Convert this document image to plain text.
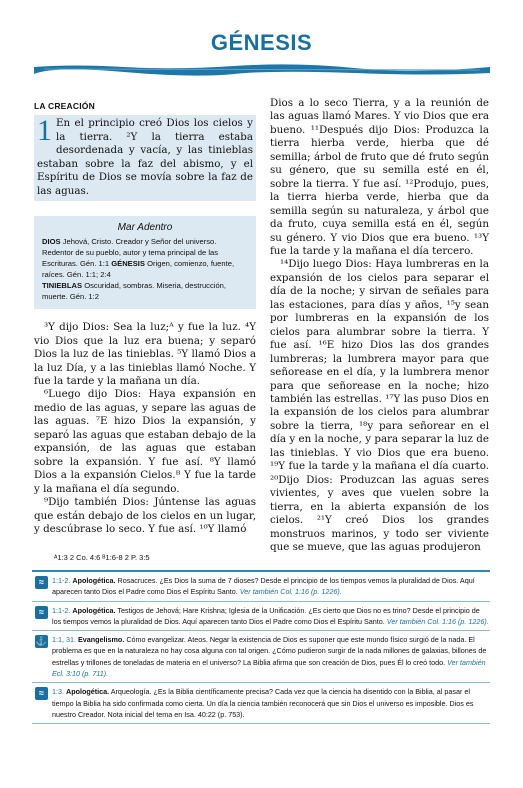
GÉNESIS
LA CREACIÓN
1 En el principio creó Dios los cielos y la tierra. ²Y la tierra estaba desordenada y vacía, y las tinieblas estaban sobre la faz del abismo, y el Espíritu de Dios se movía sobre la faz de las aguas.
Mar Adentro
DIOS Jehová, Cristo. Creador y Señor del universo. Redentor de su pueblo, autor y tema principal de las Escrituras. Gén. 1:1 GÉNESIS Origen, comienzo, fuente, raíces. Gén. 1:1; 2:4
TINIEBLAS Oscuridad, sombras. Miseria, destrucción, muerte. Gén. 1:2

³Y dijo Dios: Sea la luz;ᴬ y fue la luz. ⁴Y vio Dios que la luz era buena; y separó Dios la luz de las tinieblas. ⁵Y llamó Dios a la luz Día, y a las tinieblas llamó Noche. Y fue la tarde y la mañana un día.

⁶Luego dijo Dios: Haya expansión en medio de las aguas, y separe las aguas de las aguas. ⁷E hizo Dios la expansión, y separó las aguas que estaban debajo de la expansión, de las aguas que estaban sobre la expansión. Y fue así. ⁸Y llamó Dios a la expansión Cielos.ᴮ Y fue la tarde y la mañana el día segundo.

⁹Dijo también Dios: Júntense las aguas que están debajo de los cielos en un lugar, y descúbrase lo seco. Y fue así. ¹⁰Y llamó

Dios a lo seco Tierra, y a la reunión de las aguas llamó Mares. Y vio Dios que era bueno. ¹¹Después dijo Dios: Produzca la tierra hierba verde, hierba que dé semilla; árbol de fruto que dé fruto según su género, que su semilla esté en él, sobre la tierra. Y fue así. ¹²Produjo, pues, la tierra hierba verde, hierba que da semilla según su naturaleza, y árbol que da fruto, cuya semilla está en él, según su género. Y vio Dios que era bueno. ¹³Y fue la tarde y la mañana el día tercero.

¹⁴Dijo luego Dios: Haya lumbreras en la expansión de los cielos para separar el día de la noche; y sirvan de señales para las estaciones, para días y años, ¹⁵y sean por lumbreras en la expansión de los cielos para alumbrar sobre la tierra. Y fue así. ¹⁶E hizo Dios las dos grandes lumbreras; la lumbrera mayor para que señorease en el día, y la lumbrera menor para que señorease en la noche; hizo también las estrellas. ¹⁷Y las puso Dios en la expansión de los cielos para alumbrar sobre la tierra, ¹⁸y para señorear en el día y en la noche, y para separar la luz de las tinieblas. Y vio Dios que era bueno. ¹⁹Y fue la tarde y la mañana el día cuarto. ²⁰Dijo Dios: Produzcan las aguas seres vivientes, y aves que vuelen sobre la tierra, en la abierta expansión de los cielos. ²¹Y creó Dios los grandes monstruos marinos, y todo ser viviente que se mueve, que las aguas produjeron

ᴬ1:3 2 Co. 4:6 ᴮ1:6-8 2 P. 3:5
≈	1:1-2. Apologética. Rosacruces. ¿Es Dios la suma de 7 dioses? Desde el principio de los tiempos vemos la pluralidad de Dios. Aquí aparecen tanto Dios el Padre como Dios el Espíritu Santo. Ver también Col. 1:16 (p. 1226).
≈	1:1-2. Apologética. Testigos de Jehová; Hare Krishna; Iglesia de la Unificación. ¿Es cierto que Dios no es trino? Desde el principio de los tiempos vemos la pluralidad de Dios. Aquí aparecen tanto Dios el Padre como Dios el Espíritu Santo. Ver también Col. 1:16 (p. 1226).
⚓ 1:1, 31. Evangelismo. Cómo evangelizar. Ateos. Negar la existencia de Dios es suponer que este mundo físico surgió de la nada. El problema es que en la naturaleza no hay cosa alguna con tal origen. ¿Cómo pudieron surgir de la nada millones de galaxias, billones de estrellas y trillones de toneladas de materia en el universo? La Biblia afirma que son creación de Dios, pues Él lo creó todo. Ver también Ecl. 3:10 (p. 711).
≈	1:3. Apologética. Arqueología. ¿Es la Biblia científicamente precisa? Cada vez que la ciencia ha disentido con la Biblia, al pasar el tiempo la Biblia ha sido confirmada como cierta. Un día la ciencia también reconocerá que sin Dios el universo es imposible. Dios es nuestro Creador. Nota inicial del tema en Isa. 40:22 (p. 753).
